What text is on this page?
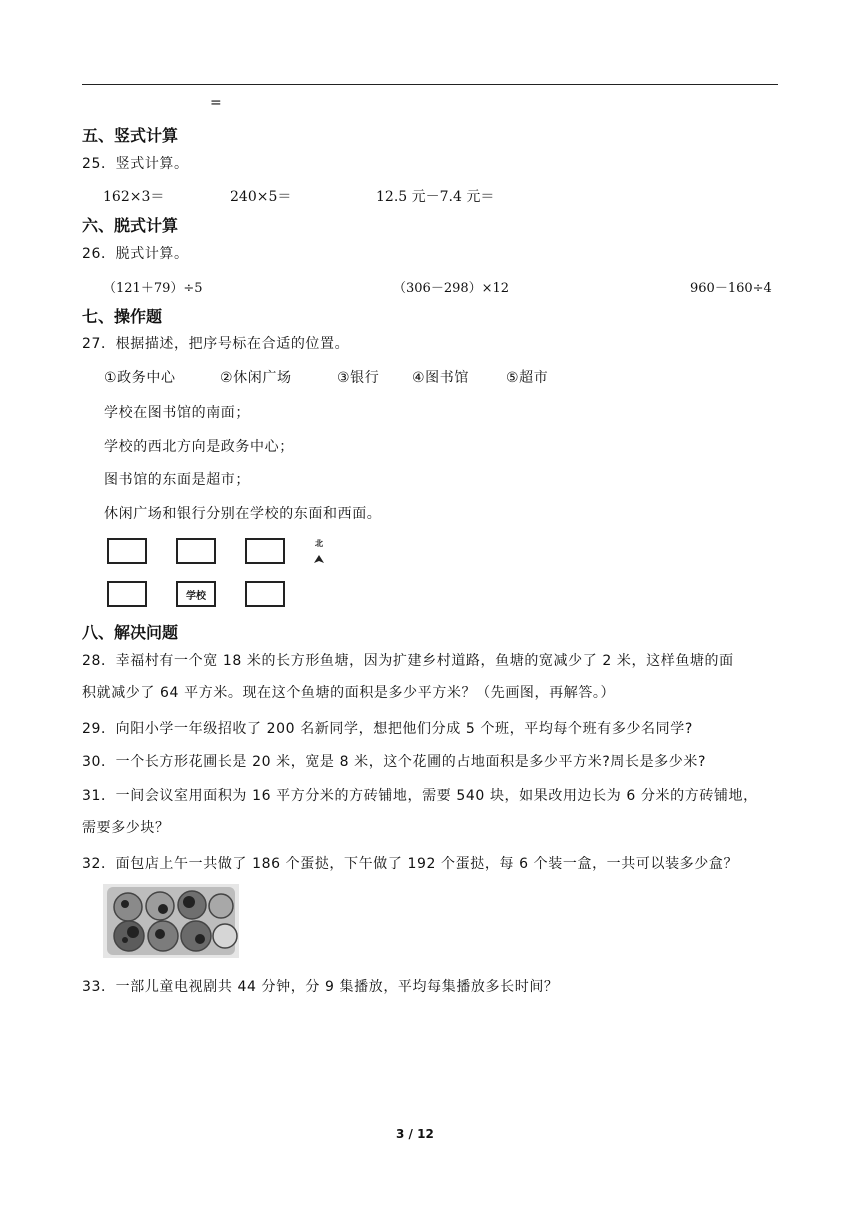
=
五、竖式计算
25．竖式计算。
162×3＝	240×5＝	12.5 元－7.4 元＝
六、脱式计算
26．脱式计算。
（121＋79）÷5	（306－298）×12	960－160÷4
七、操作题
27．根据描述，把序号标在合适的位置。
①政务中心	②休闲广场	③银行 ④图书馆	⑤超市
学校在图书馆的南面；
学校的西北方向是政务中心；
图书馆的东面是超市；
休闲广场和银行分别在学校的东面和西面。
学校
北
八、解决问题
28．幸福村有一个宽 18 米的长方形鱼塘，因为扩建乡村道路，鱼塘的宽减少了 2 米，这样鱼塘的面
积就减少了 64 平方米。现在这个鱼塘的面积是多少平方米？（先画图，再解答。）
29．向阳小学一年级招收了 200 名新同学，想把他们分成 5 个班，平均每个班有多少名同学?
30．一个长方形花圃长是 20 米，宽是 8 米，这个花圃的占地面积是多少平方米?周长是多少米?
31．一间会议室用面积为 16 平方分米的方砖铺地，需要 540 块，如果改用边长为 6 分米的方砖铺地，
需要多少块？
32．面包店上午一共做了 186 个蛋挞，下午做了 192 个蛋挞，每 6 个装一盒，一共可以装多少盒？
33．一部儿童电视剧共 44 分钟，分 9 集播放，平均每集播放多长时间？
3 / 12
